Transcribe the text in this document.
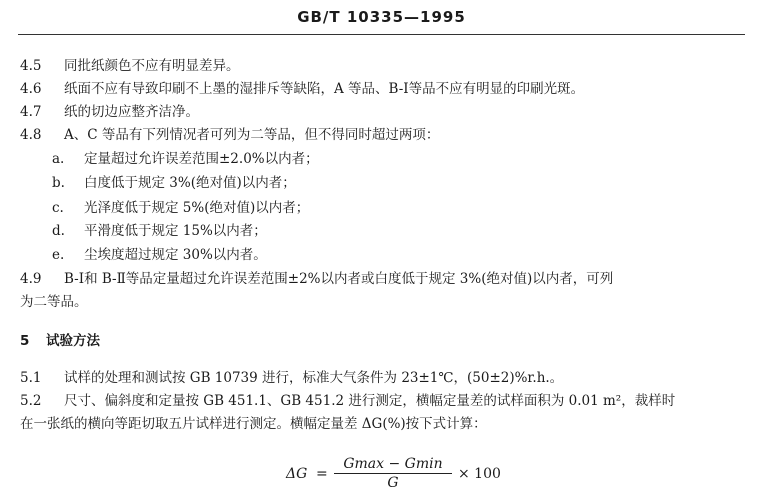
GB/T 10335—1995
4.5 同批纸颜色不应有明显差异。
4.6 纸面不应有导致印刷不上墨的湿排斥等缺陷，A 等品、B-Ⅰ等品不应有明显的印刷光斑。
4.7 纸的切边应整齐洁净。
4.8 A、C 等品有下列情况者可列为二等品，但不得同时超过两项：
a. 定量超过允许误差范围±2.0%以内者；
b. 白度低于规定 3%(绝对值)以内者；
c. 光泽度低于规定 5%(绝对值)以内者；
d. 平滑度低于规定 15%以内者；
e. 尘埃度超过规定 30%以内者。
4.9 B-Ⅰ和 B-Ⅱ等品定量超过允许误差范围±2%以内者或白度低于规定 3%(绝对值)以内者，可列
为二等品。
5 试验方法
5.1 试样的处理和测试按 GB 10739 进行，标准大气条件为 23±1℃，(50±2)%r.h.。
5.2 尺寸、偏斜度和定量按 GB 451.1、GB 451.2 进行测定，横幅定量差的试样面积为 0.01 m²，裁样时
在一张纸的横向等距切取五片试样进行测定。横幅定量差 ΔG(%)按下式计算：
ΔG =
Gmax − Gmin
G
× 100
